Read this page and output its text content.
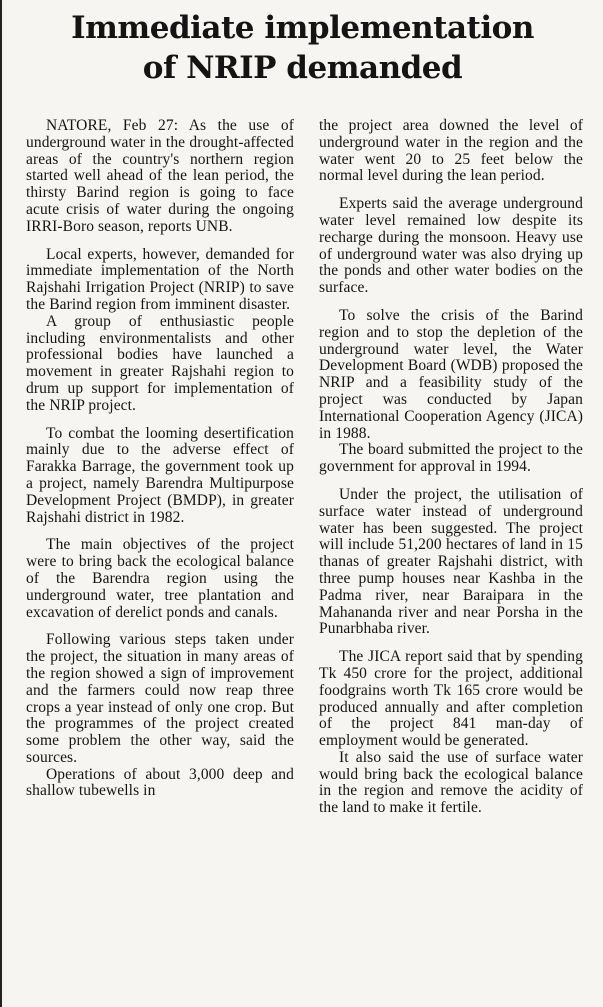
Immediate implementation
of NRIP demanded

NATORE, Feb 27: As the use of underground water in the drought-affected areas of the country's northern region started well ahead of the lean period, the thirsty Barind region is going to face acute crisis of water during the ongoing IRRI-Boro season, reports UNB.

Local experts, however, demanded for immediate implementation of the North Rajshahi Irrigation Project (NRIP) to save the Barind region from imminent disaster.

A group of enthusiastic people including environmentalists and other professional bodies have launched a movement in greater Rajshahi region to drum up support for implementation of the NRIP project.

To combat the looming desertification mainly due to the adverse effect of Farakka Barrage, the government took up a project, namely Barendra Multipurpose Development Project (BMDP), in greater Rajshahi district in 1982.

The main objectives of the project were to bring back the ecological balance of the Barendra region using the underground water, tree plantation and excavation of derelict ponds and canals.

Following various steps taken under the project, the situation in many areas of the region showed a sign of improvement and the farmers could now reap three crops a year instead of only one crop. But the programmes of the project created some problem the other way, said the sources.

Operations of about 3,000 deep and shallow tubewells in

the project area downed the level of underground water in the region and the water went 20 to 25 feet below the normal level during the lean period.

Experts said the average underground water level remained low despite its recharge during the monsoon. Heavy use of underground water was also drying up the ponds and other water bodies on the surface.

To solve the crisis of the Barind region and to stop the depletion of the underground water level, the Water Development Board (WDB) proposed the NRIP and a feasibility study of the project was conducted by Japan International Cooperation Agency (JICA) in 1988.

The board submitted the project to the government for approval in 1994.

Under the project, the utilisation of surface water instead of underground water has been suggested. The project will include 51,200 hectares of land in 15 thanas of greater Rajshahi district, with three pump houses near Kashba in the Padma river, near Baraipara in the Mahananda river and near Porsha in the Punarbhaba river.

The JICA report said that by spending Tk 450 crore for the project, additional foodgrains worth Tk 165 crore would be produced annually and after completion of the project 841 man-day of employment would be generated.

It also said the use of surface water would bring back the ecological balance in the region and remove the acidity of the land to make it fertile.
